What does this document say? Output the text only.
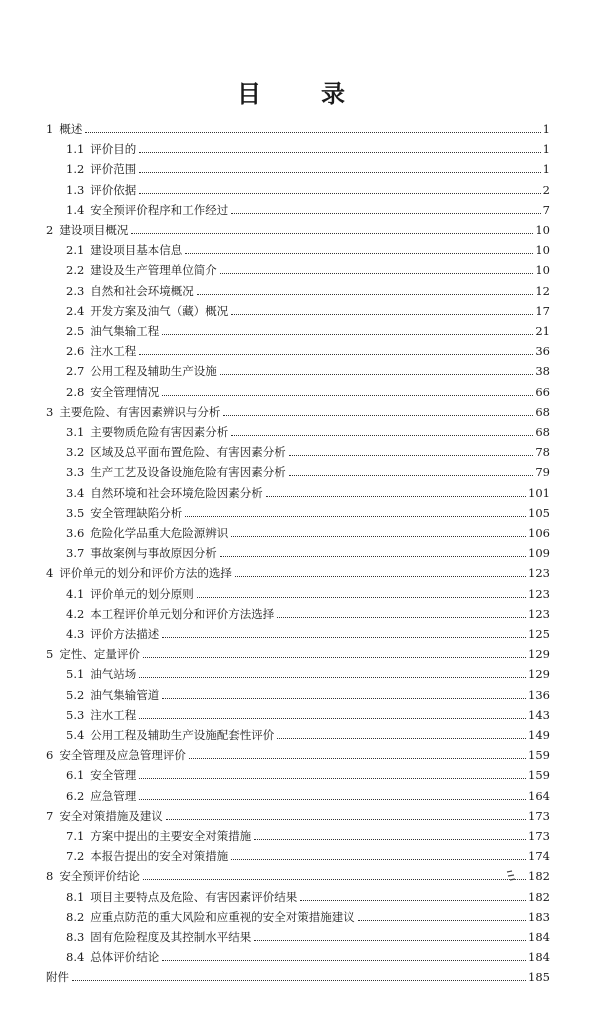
目　录
1 概述	1
1.1 评价目的	1
1.2 评价范围	1
1.3 评价依据	2
1.4 安全预评价程序和工作经过	7
2 建设项目概况	10
2.1 建设项目基本信息	10
2.2 建设及生产管理单位简介	10
2.3 自然和社会环境概况	12
2.4 开发方案及油气（藏）概况	17
2.5 油气集输工程	21
2.6 注水工程	36
2.7 公用工程及辅助生产设施	38
2.8 安全管理情况	66
3 主要危险、有害因素辨识与分析	68
3.1 主要物质危险有害因素分析	68
3.2 区域及总平面布置危险、有害因素分析	78
3.3 生产工艺及设备设施危险有害因素分析	79
3.4 自然环境和社会环境危险因素分析	101
3.5 安全管理缺陷分析	105
3.6 危险化学品重大危险源辨识	106
3.7 事故案例与事故原因分析	109
4 评价单元的划分和评价方法的选择	123
4.1 评价单元的划分原则	123
4.2 本工程评价单元划分和评价方法选择	123
4.3 评价方法描述	125
5 定性、定量评价	129
5.1 油气站场	129
5.2 油气集输管道	136
5.3 注水工程	143
5.4 公用工程及辅助生产设施配套性评价	149
6 安全管理及应急管理评价	159
6.1 安全管理	159
6.2 应急管理	164
7 安全对策措施及建议	173
7.1 方案中提出的主要安全对策措施	173
7.2 本报告提出的安全对策措施	174
8 安全预评价结论	182
8.1 项目主要特点及危险、有害因素评价结果	182
8.2 应重点防范的重大风险和应重视的安全对策措施建议	183
8.3 固有危险程度及其控制水平结果	184
8.4 总体评价结论	184
附件	185
